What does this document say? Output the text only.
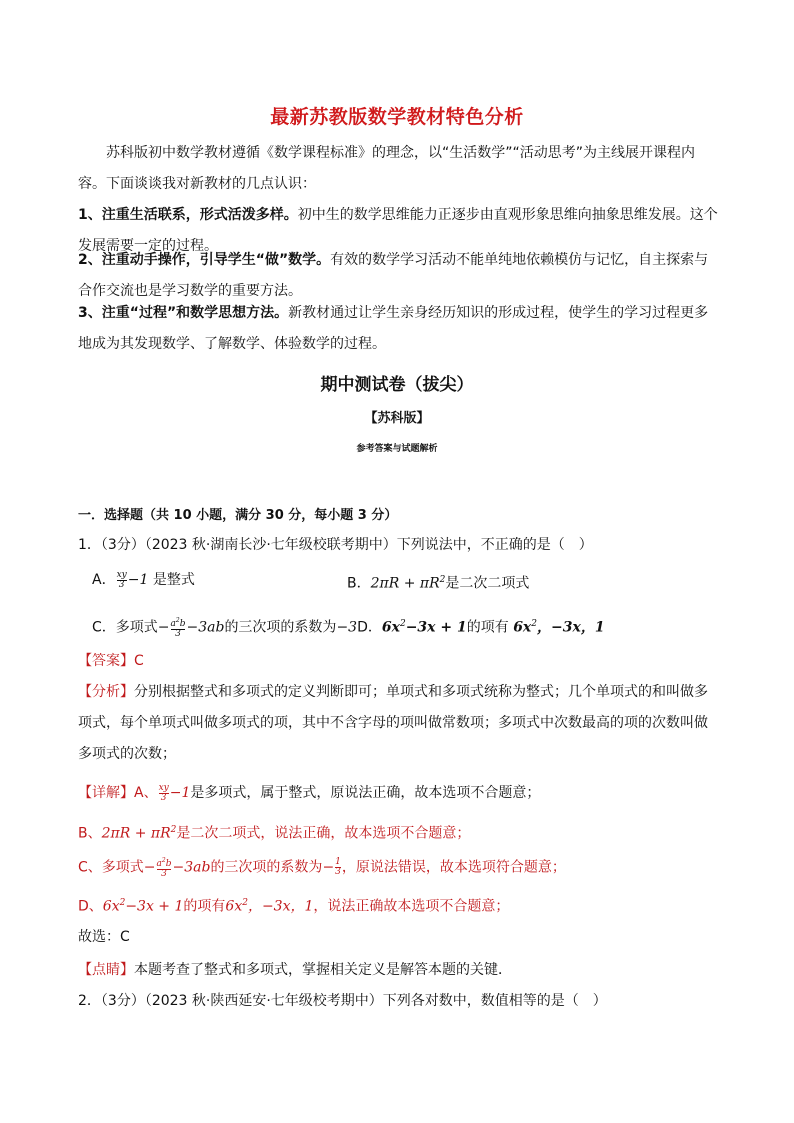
最新苏教版数学教材特色分析
苏科版初中数学教材遵循《数学课程标准》的理念，以“生活数学”“活动思考”为主线展开课程内容。下面谈谈我对新教材的几点认识：
1、注重生活联系，形式活泼多样。初中生的数学思维能力正逐步由直观形象思维向抽象思维发展。这个发展需要一定的过程。
2、注重动手操作，引导学生“做”数学。有效的数学学习活动不能单纯地依赖模仿与记忆，自主探索与合作交流也是学习数学的重要方法。
3、注重“过程”和数学思想方法。新教材通过让学生亲身经历知识的形成过程，使学生的学习过程更多地成为其发现数学、了解数学、体验数学的过程。
期中测试卷（拔尖）
【苏科版】
参考答案与试题解析
一．选择题（共 10 小题，满分 30 分，每小题 3 分）
1．（3分）（2023 秋·湖南长沙·七年级校联考期中）下列说法中，不正确的是（　）
A． $\frac{xy}{3} -1$ 是整式	B．$2\pi R + \pi R^2$是二次二项式
C．多项式− $\frac{a^2b}{3} -3ab$的三次项的系数为−3D．$6x^2-3x + 1$的项有 $6x^2$，−3x，1
【答案】C
【分析】分别根据整式和多项式的定义判断即可；单项式和多项式统称为整式；几个单项式的和叫做多项式，每个单项式叫做多项式的项，其中不含字母的项叫做常数项；多项式中次数最高的项的次数叫做多项式的次数；
【详解】A、 $\frac{xy}{3} -1$是多项式，属于整式，原说法正确，故本选项不合题意；
B、$2\pi R + \pi R^2$是二次二项式，说法正确，故本选项不合题意；
C、多项式− $\frac{a^2b}{3} -3ab$的三次项的系数为− $\frac{1}{3}$ ，原说法错误，故本选项符合题意；
D、$6x^2-3x + 1$的项有$6x^2$，−3x，1，说法正确故本选项不合题意；
故选：C
【点睛】本题考查了整式和多项式，掌握相关定义是解答本题的关键．
2．（3分）（2023 秋·陕西延安·七年级校考期中）下列各对数中，数值相等的是（　）
